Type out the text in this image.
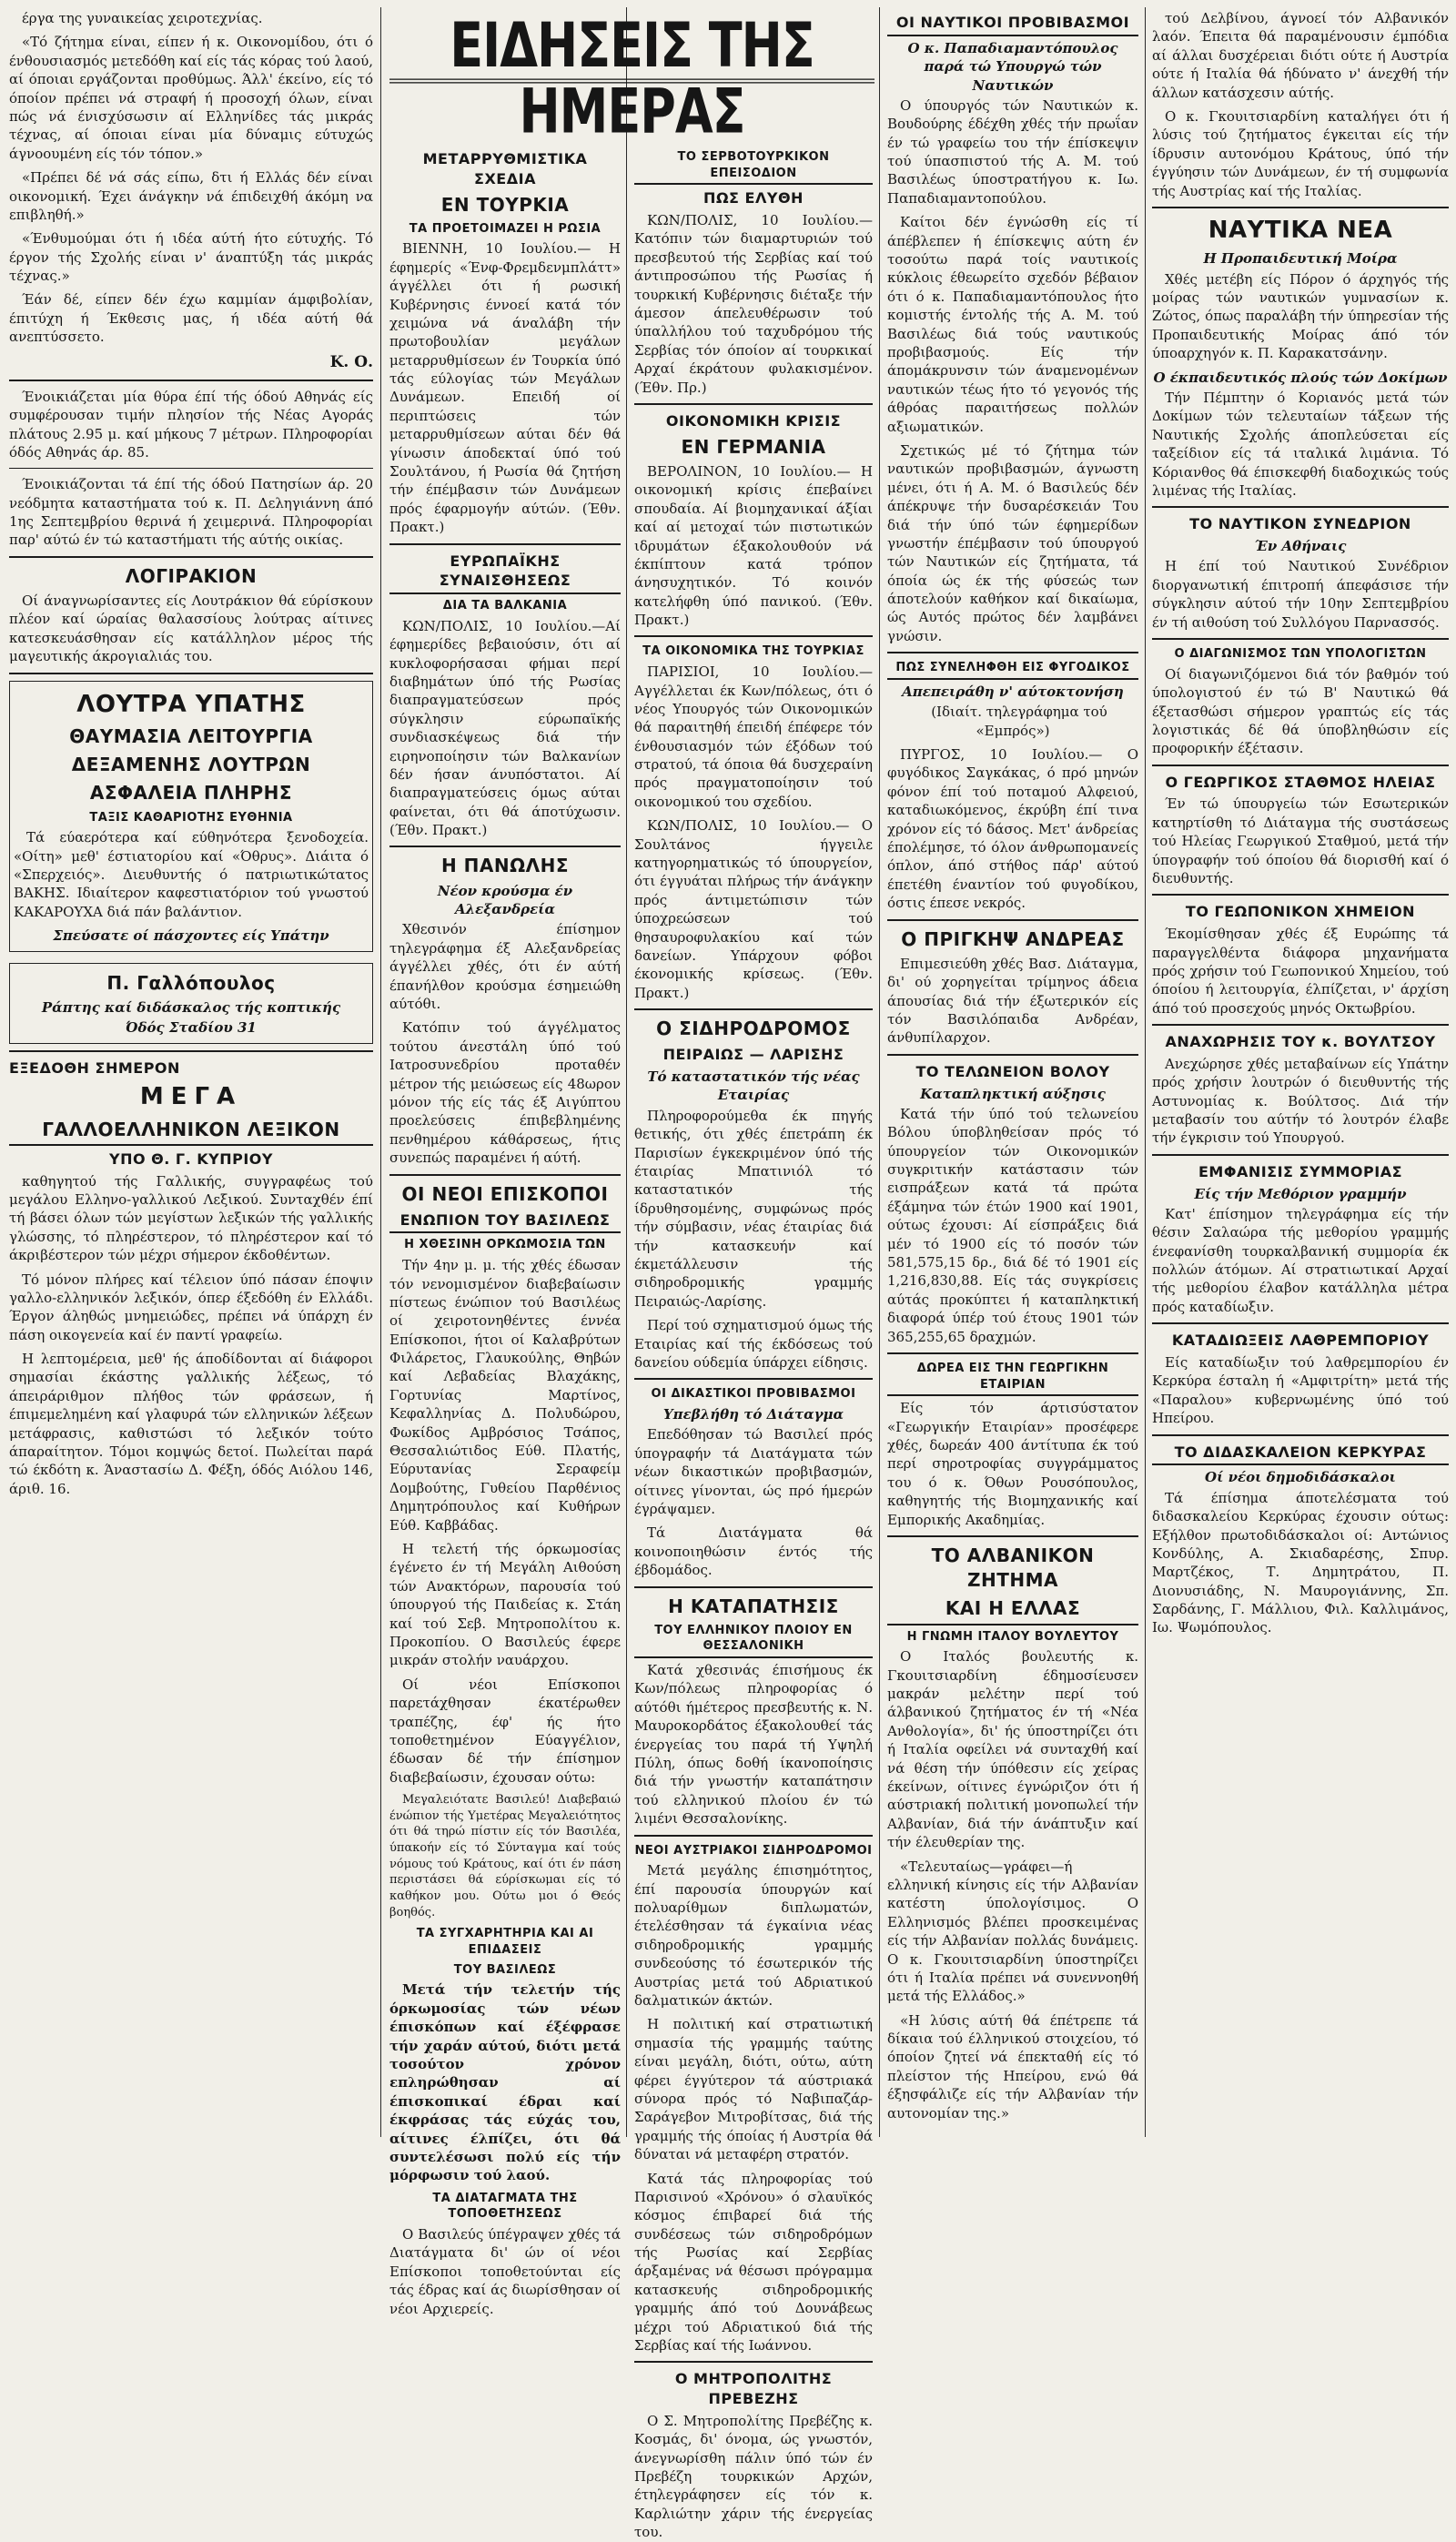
ΕΙΔΗΣΕΙΣ ΤΗΣ ΗΜΕΡΑΣ

έργα της γυναικείας χειροτεχνίας.

«Τό ζήτημα είναι, είπεν ή κ. Οικονομίδου, ότι ό ένθουσιασμός μετεδόθη καί είς τάς κόρας τού λαού, αί όποιαι εργάζονται προθύμως. Άλλ' έκείνο, είς τό όποίον πρέπει νά στραφή ή προσοχή όλων, είναι πώς νά ένισχύσωσιν αί Ελληνίδες τάς μικράς τέχνας, αί όποιαι είναι μία δύναμις εύτυχώς άγνοουμένη είς τόν τόπον.»

«Πρέπει δέ νά σάς είπω, δτι ή Ελλάς δέν είναι οικονομική. Έχει άνάγκην νά έπιδειχθή άκόμη να επιβληθή.»

«Ένθυμούμαι ότι ή ιδέα αύτή ήτο εύτυχής. Τό έργον τής Σχολής είναι ν' άναπτύξη τάς μικράς τέχνας.»

Έάν δέ, είπεν δέν έχω καμμίαν άμφιβολίαν, έπιτύχη ή Έκθεσις μας, ή ιδέα αύτή θά ανεπτύσσετο.

Κ. Ο.

Ένοικιάζεται μία θύρα έπί τής όδού Αθηνάς είς συμφέρουσαν τιμήν πλησίον τής Νέας Αγοράς πλάτους 2.95 μ. καί μήκους 7 μέτρων. Πληροφορίαι όδός Αθηνάς άρ. 85.

Ένοικιάζονται τά έπί τής όδού Πατησίων άρ. 20 νεόδμητα καταστήματα τού κ. Π. Δεληγιάννη άπό 1ης Σεπτεμβρίου θερινά ή χειμερινά. Πληροφορίαι παρ' αύτώ έν τώ καταστήματι τής αύτής οικίας.

ΛΟΓΙΡΑΚΙΟΝ

Οί άναγνωρίσαντες είς Λουτράκιον θά εύρίσκουν πλέον καί ώραίας θαλασσίους λούτρας αίτινες κατεσκευάσθησαν είς κατάλληλον μέρος τής μαγευτικής άκρογιαλιάς του.

ΛΟΥΤΡΑ ΥΠΑΤΗΣ
ΘΑΥΜΑΣΙΑ ΛΕΙΤΟΥΡΓΙΑ
ΔΕΞΑΜΕΝΗΣ ΛΟΥΤΡΩΝ
ΑΣΦΑΛΕΙΑ ΠΛΗΡΗΣ
ΤΑΞΙΣ ΚΑΘΑΡΙΟΤΗΣ ΕΥΘΗΝΙΑ

Τά εύαερότερα καί εύθηνότερα ξενοδοχεία. «Οίτη» μεθ' έστιατορίου καί «Όθρυς». Διάιτα ό «Σπερχειός». Διευθυντής ό πατριωτικώτατος ΒΑΚΗΣ. Ιδιαίτερον καφεστιατόριον τού γνωστού ΚΑΚΑΡΟΥΧΑ διά πάν βαλάντιον.

Σπεύσατε οί πάσχοντες είς Υπάτην
Π. Γαλλόπουλος
Ράπτης καί διδάσκαλος τής κοπτικής
Όδός Σταδίου 31
ΕΞΕΔΟΘΗ ΣΗΜΕΡΟΝ
ΜΕΓΑ
ΓΑΛΛΟΕΛΛΗΝΙΚΟΝ ΛΕΞΙΚΟΝ
ΥΠΟ Θ. Γ. ΚΥΠΡΙΟΥ

καθηγητού τής Γαλλικής, συγγραφέως τού μεγάλου Ελληνο-γαλλικού Λεξικού. Συνταχθέν έπί τή βάσει όλων τών μεγίστων λεξικών τής γαλλικής γλώσσης, τό πληρέστερον, τό πληρέστερον καί τό άκριβέστερον τών μέχρι σήμερον έκδοθέντων.

Τό μόνον πλήρες καί τέλειον ύπό πάσαν έποψιν γαλλο-ελληνικόν λεξικόν, όπερ έξεδόθη έν Ελλάδι. Έργον άληθώς μνημειώδες, πρέπει νά ύπάρχη έν πάση οικογενεία καί έν παντί γραφείω.

Η λεπτομέρεια, μεθ' ής άποδίδονται αί διάφοροι σημασίαι έκάστης γαλλικής λέξεως, τό άπειράριθμον πλήθος τών φράσεων, ή έπιμεμελημένη καί γλαφυρά τών ελληνικών λέξεων μετάφρασις, καθιστώσι τό λεξικόν τούτο άπαραίτητον. Τόμοι κομψώς δετοί. Πωλείται παρά τώ έκδότη κ. Άναστασίω Δ. Φέξη, όδός Αιόλου 146, άριθ. 16.

ΜΕΤΑΡΡΥΘΜΙΣΤΙΚΑ ΣΧΕΔΙΑ
ΕΝ ΤΟΥΡΚΙΑ
ΤΑ ΠΡΟΕΤΟΙΜΑΖΕΙ Η ΡΩΣΙΑ

ΒΙΕΝΝΗ, 10 Ιουλίου.— Η έφημερίς «Ένφ-Φρεμδενμπλάττ» άγγέλλει ότι ή ρωσική Κυβέρνησις έννοεί κατά τόν χειμώνα νά άναλάβη τήν πρωτοβουλίαν μεγάλων μεταρρυθμίσεων έν Τουρκία ύπό τάς εύλογίας τών Μεγάλων Δυνάμεων. Επειδή οί περιπτώσεις τών μεταρρυθμίσεων αύται δέν θά γίνωσιν άποδεκταί ύπό τού Σουλτάνου, ή Ρωσία θά ζητήση τήν έπέμβασιν τών Δυνάμεων πρός έφαρμογήν αύτών. (Έθν. Πρακτ.)

ΕΥΡΩΠΑΪΚΗΣ ΣΥΝΑΙΣΘΗΣΕΩΣ
ΔΙΑ ΤΑ ΒΑΛΚΑΝΙΑ

ΚΩΝ/ΠΟΛΙΣ, 10 Ιουλίου.—Αί έφημερίδες βεβαιούσιν, ότι αί κυκλοφορήσασαι φήμαι περί διαβημάτων ύπό τής Ρωσίας διαπραγματεύσεων πρός σύγκλησιν εύρωπαϊκής συνδιασκέψεως διά τήν ειρηνοποίησιν τών Βαλκανίων δέν ήσαν άνυπόστατοι. Αί διαπραγματεύσεις όμως αύται φαίνεται, ότι θά άποτύχωσιν. (Έθν. Πρακτ.)

Η ΠΑΝΩΛΗΣ
Νέον κρούσμα έν Αλεξανδρεία

Χθεσινόν έπίσημον τηλεγράφημα έξ Αλεξανδρείας άγγέλλει χθές, ότι έν αύτή έπανήλθον κρούσμα έσημειώθη αύτόθι.

Κατόπιν τού άγγέλματος τούτου άνεστάλη ύπό τού Ιατροσυνεδρίου προταθέν μέτρον τής μειώσεως είς 48ωρον μόνον τής είς τάς έξ Αιγύπτου προελεύσεις έπιβεβλημένης πενθημέρου κάθάρσεως, ήτις συνεπώς παραμένει ή αύτή.

ΟΙ ΝΕΟΙ ΕΠΙΣΚΟΠΟΙ
ΕΝΩΠΙΟΝ ΤΟΥ ΒΑΣΙΛΕΩΣ
Η ΧΘΕΣΙΝΗ ΟΡΚΩΜΟΣΙΑ ΤΩΝ

Τήν 4ην μ. μ. τής χθές έδωσαν τόν νενομισμένον διαβεβαίωσιν πίστεως ένώπιον τού Βασιλέως οί χειροτονηθέντες έννέα Επίσκοποι, ήτοι οί Καλαβρύτων Φιλάρετος, Γλαυκούλης, Θηβών καί Λεβαδείας Βλαχάκης, Γορτυνίας Μαρτίνος, Κεφαλληνίας Δ. Πολυδώρου, Φωκίδος Αμβρόσιος Τσάπος, Θεσσαλιώτιδος Εύθ. Πλατής, Εύρυτανίας Σεραφείμ Δομβούτης, Γυθείου Παρθένιος Δημητρόπουλος καί Κυθήρων Εύθ. Καββάδας.

Η τελετή τής όρκωμοσίας έγένετο έν τή Μεγάλη Αιθούση τών Ανακτόρων, παρουσία τού ύπουργού τής Παιδείας κ. Στάη καί τού Σεβ. Μητροπολίτου κ. Προκοπίου. Ο Βασιλεύς έφερε μικράν στολήν ναυάρχου.

Οί νέοι Επίσκοποι παρετάχθησαν έκατέρωθεν τραπέζης, έφ' ής ήτο τοποθετημένον Εύαγγέλιον, έδωσαν δέ τήν έπίσημον διαβεβαίωσιν, έχουσαν ούτω:

Μεγαλειότατε Βασιλεύ! Διαβεβαιώ ένώπιον τής Υμετέρας Μεγαλειότητος ότι θά τηρώ πίστιν είς τόν Βασιλέα, ύπακοήν είς τό Σύνταγμα καί τούς νόμους τού Κράτους, καί ότι έν πάση περιστάσει θά εύρίσκωμαι είς τό καθήκον μου. Ούτω μοι ό Θεός βοηθός.

ΤΑ ΣΥΓΧΑΡΗΤΗΡΙΑ ΚΑΙ ΑΙ ΕΠΙΔΑΣΕΙΣ
ΤΟΥ ΒΑΣΙΛΕΩΣ

Μετά τήν τελετήν τής όρκωμοσίας τών νέων έπισκόπων καί έξέφρασε τήν χαράν αύτού, διότι μετά τοσούτον χρόνον επληρώθησαν αί έπισκοπικαί έδραι καί έκφράσας τάς εύχάς του, αίτινες έλπίζει, ότι θά συντελέσωσι πολύ είς τήν μόρφωσιν τού λαού.

ΤΑ ΔΙΑΤΑΓΜΑΤΑ ΤΗΣ ΤΟΠΟΘΕΤΗΣΕΩΣ

Ο Βασιλεύς ύπέγραψεν χθές τά Διατάγματα δι' ών οί νέοι Επίσκοποι τοποθετούνται είς τάς έδρας καί άς διωρίσθησαν οί νέοι Αρχιερείς.

ΤΟ ΣΕΡΒΟΤΟΥΡΚΙΚΟΝ ΕΠΕΙΣΟΔΙΟΝ
ΠΩΣ ΕΛΥΘΗ

ΚΩΝ/ΠΟΛΙΣ, 10 Ιουλίου.— Κατόπιν τών διαμαρτυριών τού πρεσβευτού τής Σερβίας καί τού άντιπροσώπου τής Ρωσίας ή τουρκική Κυβέρνησις διέταξε τήν άμεσον άπελευθέρωσιν τού ύπαλλήλου τού ταχυδρόμου τής Σερβίας τόν όποίον αί τουρκικαί Αρχαί έκράτουν φυλακισμένον. (Έθν. Πρ.)

ΟΙΚΟΝΟΜΙΚΗ ΚΡΙΣΙΣ
ΕΝ ΓΕΡΜΑΝΙΑ

ΒΕΡΟΛΙΝΟΝ, 10 Ιουλίου.— Η οικονομική κρίσις έπεβαίνει σπουδαία. Αί βιομηχανικαί άξίαι καί αί μετοχαί τών πιστωτικών ιδρυμάτων έξακολουθούν νά έκπίπτουν κατά τρόπον άνησυχητικόν. Τό κοινόν κατελήφθη ύπό πανικού. (Έθν. Πρακτ.)

ΤΑ ΟΙΚΟΝΟΜΙΚΑ ΤΗΣ ΤΟΥΡΚΙΑΣ

ΠΑΡΙΣΙΟΙ, 10 Ιουλίου.—Αγγέλλεται έκ Κων/πόλεως, ότι ό νέος Υπουργός τών Οικονομικών θά παραιτηθή έπειδή έπέφερε τόν ένθουσιασμόν τών έξόδων τού στρατού, τά όποια θά δυσχεραίνη πρός πραγματοποίησιν τού οικονομικού του σχεδίου.

ΚΩΝ/ΠΟΛΙΣ, 10 Ιουλίου.— Ο Σουλτάνος ήγγειλε κατηγορηματικώς τό ύπουργείον, ότι έγγυάται πλήρως τήν άνάγκην πρός άντιμετώπισιν τών ύποχρεώσεων τού θησαυροφυλακίου καί τών δανείων. Υπάρχουν φόβοι έκονομικής κρίσεως. (Έθν. Πρακτ.)

Ο ΣΙΔΗΡΟΔΡΟΜΟΣ
ΠΕΙΡΑΙΩΣ — ΛΑΡΙΣΗΣ
Τό καταστατικόν τής νέας Εταιρίας

Πληροφορούμεθα έκ πηγής θετικής, ότι χθές έπετράπη έκ Παρισίων έγκεκριμένον ύπό τής έταιρίας Μπατινιόλ τό καταστατικόν τής ίδρυθησομένης, συμφώνως πρός τήν σύμβασιν, νέας έταιρίας διά τήν κατασκευήν καί έκμετάλλευσιν τής σιδηροδρομικής γραμμής Πειραιώς-Λαρίσης.

Περί τού σχηματισμού όμως τής Εταιρίας καί τής έκδόσεως τού δανείου ούδεμία ύπάρχει είδησις.

ΟΙ ΔΙΚΑΣΤΙΚΟΙ ΠΡΟΒΙΒΑΣΜΟΙ
Υπεβλήθη τό Διάταγμα

Επεδόθησαν τώ Βασιλεί πρός ύπογραφήν τά Διατάγματα τών νέων δικαστικών προβιβασμών, οίτινες γίνονται, ώς πρό ήμερών έγράψαμεν.

Τά Διατάγματα θά κοινοποιηθώσιν έντός τής έβδομάδος.

Η ΚΑΤΑΠΑΤΗΣΙΣ
ΤΟΥ ΕΛΛΗΝΙΚΟΥ ΠΛΟΙΟΥ ΕΝ ΘΕΣΣΑΛΟΝΙΚΗ

Κατά χθεσινάς έπισήμους έκ Κων/πόλεως πληροφορίας ό αύτόθι ήμέτερος πρεσβευτής κ. Ν. Μαυροκορδάτος έξακολουθεί τάς ένεργείας του παρά τή Υψηλή Πύλη, όπως δοθή ίκανοποίησις διά τήν γνωστήν καταπάτησιν τού ελληνικού πλοίου έν τώ λιμένι Θεσσαλονίκης.

ΝΕΟΙ ΑΥΣΤΡΙΑΚΟΙ ΣΙΔΗΡΟΔΡΟΜΟΙ

Μετά μεγάλης έπισημότητος, έπί παρουσία ύπουργών καί πολυαρίθμων διπλωματών, έτελέσθησαν τά έγκαίνια νέας σιδηροδρομικής γραμμής συνδεούσης τό έσωτερικόν τής Αυστρίας μετά τού Αδριατικού δαλματικών άκτών.

Η πολιτική καί στρατιωτική σημασία τής γραμμής ταύτης είναι μεγάλη, διότι, ούτω, αύτη φέρει έγγύτερον τά αύστριακά σύνορα πρός τό Ναβιπαζάρ-Σαράγεβον Μιτροβίτσας, διά τής γραμμής τής όποίας ή Αυστρία θά δύναται νά μεταφέρη στρατόν.

Κατά τάς πληροφορίας τού Παρισινού «Χρόνου» ό σλαυϊκός κόσμος έπιβαρεί διά τής συνδέσεως τών σιδηροδρόμων τής Ρωσίας καί Σερβίας άρξαμένας νά θέσωσι πρόγραμμα κατασκευής σιδηροδρομικής γραμμής άπό τού Δουνάβεως μέχρι τού Αδριατικού διά τής Σερβίας καί τής Ιωάννου.

Ο ΜΗΤΡΟΠΟΛΙΤΗΣ ΠΡΕΒΕΖΗΣ

Ο Σ. Μητροπολίτης Πρεβέζης κ. Κοσμάς, δι' όνομα, ώς γνωστόν, άνεγνωρίσθη πάλιν ύπό τών έν Πρεβέζη τουρκικών Αρχών, έτηλεγράφησεν είς τόν κ. Καρλιώτην χάριν τής ένεργείας του.

ΟΙ ΝΑΥΤΙΚΟΙ ΠΡΟΒΙΒΑΣΜΟΙ
Ο κ. Παπαδιαμαντόπουλος παρά τώ Υπουργώ τών Ναυτικών

Ο ύπουργός τών Ναυτικών κ. Βουδούρης έδέχθη χθές τήν πρωΐαν έν τώ γραφείω του τήν έπίσκεψιν τού ύπασπιστού τής Α. Μ. τού Βασιλέως ύποστρατήγου κ. Ιω. Παπαδιαμαντοπούλου.

Καίτοι δέν έγνώσθη είς τί άπέβλεπεν ή έπίσκεψις αύτη έν τοσούτω παρά τοίς ναυτικοίς κύκλοις έθεωρείτο σχεδόν βέβαιον ότι ό κ. Παπαδιαμαντόπουλος ήτο κομιστής έντολής τής Α. Μ. τού Βασιλέως διά τούς ναυτικούς προβιβασμούς. Είς τήν άπομάκρυνσιν τών άναμενομένων ναυτικών τέως ήτο τό γεγονός τής άθρόας παραιτήσεως πολλών αξιωματικών.

Σχετικώς μέ τό ζήτημα τών ναυτικών προβιβασμών, άγνωστη μένει, ότι ή Α. Μ. ό Βασιλεύς δέν άπέκρυψε τήν δυσαρέσκειάν Του διά τήν ύπό τών έφημερίδων γνωστήν έπέμβασιν τού ύπουργού τών Ναυτικών είς ζητήματα, τά όποία ώς έκ τής φύσεώς των άποτελούν καθήκον καί δικαίωμα, ώς Αυτός πρώτος δέν λαμβάνει γνώσιν.

ΠΩΣ ΣΥΝΕΛΗΦΘΗ ΕΙΣ ΦΥΓΟΔΙΚΟΣ
Απεπειράθη ν' αύτοκτονήση

(Ιδιαίτ. τηλεγράφημα τού «Εμπρός»)

ΠΥΡΓΟΣ, 10 Ιουλίου.— Ο φυγόδικος Σαγκάκας, ό πρό μηνών φόνον έπί τού ποταμού Αλφειού, καταδιωκόμενος, έκρύβη έπί τινα χρόνον είς τό δάσος. Μετ' άνδρείας έπολέμησε, τό όλον άνθρωπομανείς όπλον, άπό στήθος πάρ' αύτού έπετέθη έναντίον τού φυγοδίκου, όστις έπεσε νεκρός.

Ο ΠΡΙΓΚΗΨ ΑΝΔΡΕΑΣ

Επιμεσιεύθη χθές Βασ. Διάταγμα, δι' ού χορηγείται τρίμηνος άδεια άπουσίας διά τήν έξωτερικόν είς τόν Βασιλόπαιδα Ανδρέαν, άνθυπίλαρχον.

ΤΟ ΤΕΛΩΝΕΙΟΝ ΒΟΛΟΥ
Καταπληκτική αύξησις

Κατά τήν ύπό τού τελωνείου Βόλου ύποβληθείσαν πρός τό ύπουργείον τών Οικονομικών συγκριτικήν κατάστασιν τών εισπράξεων κατά τά πρώτα έξάμηνα τών έτών 1900 καί 1901, ούτως έχουσι: Αί είσπράξεις διά μέν τό 1900 είς τό ποσόν τών 581,575,15 δρ., διά δέ τό 1901 είς 1,216,830,88. Είς τάς συγκρίσεις αύτάς προκύπτει ή καταπληκτική διαφορά ύπέρ τού έτους 1901 τών 365,255,65 δραχμών.

ΔΩΡΕΑ ΕΙΣ ΤΗΝ ΓΕΩΡΓΙΚΗΝ ΕΤΑΙΡΙΑΝ

Είς τόν άρτισύστατον «Γεωργικήν Εταιρίαν» προσέφερε χθές, δωρεάν 400 άντίτυπα έκ τού περί σηροτροφίας συγγράμματος του ό κ. Όθων Ρουσόπουλος, καθηγητής τής Βιομηχανικής καί Εμπορικής Ακαδημίας.

ΤΟ ΑΛΒΑΝΙΚΟΝ ΖΗΤΗΜΑ
ΚΑΙ Η ΕΛΛΑΣ
Η ΓΝΩΜΗ ΙΤΑΛΟΥ ΒΟΥΛΕΥΤΟΥ

Ο Ιταλός βουλευτής κ. Γκουιτσιαρδίνη έδημοσίευσεν μακράν μελέτην περί τού άλβανικού ζητήματος έν τή «Νέα Ανθολογία», δι' ής ύποστηρίζει ότι ή Ιταλία οφείλει νά συνταχθή καί νά θέση τήν ύπόθεσιν είς χείρας έκείνων, οίτινες έγνώριζον ότι ή αύστριακή πολιτική μονοπωλεί τήν Αλβανίαν, διά τήν άνάπτυξιν καί τήν έλευθερίαν της.

«Τελευταίως—γράφει—ή ελληνική κίνησις είς τήν Αλβανίαν κατέστη ύπολογίσιμος. Ο Ελληνισμός βλέπει προσκειμένας είς τήν Αλβανίαν πολλάς δυνάμεις. Ο κ. Γκουιτσιαρδίνη ύποστηρίζει ότι ή Ιταλία πρέπει νά συνεννοηθή μετά τής Ελλάδος.»

«Η λύσις αύτή θά έπέτρεπε τά δίκαια τού έλληνικού στοιχείου, τό όποίον ζητεί νά έπεκταθή είς τό πλείστον τής Ηπείρου, ενώ θά έξησφάλιζε είς τήν Αλβανίαν τήν αυτονομίαν της.»

τού Δελβίνου, άγνοεί τόν Αλβανικόν λαόν. Έπειτα θά παραμένουσιν έμπόδια αί άλλαι δυσχέρειαι διότι ούτε ή Αυστρία ούτε ή Ιταλία θά ήδύνατο ν' άνεχθή τήν άλλων κατάσχεσιν αύτής.

Ο κ. Γκουιτσιαρδίνη καταλήγει ότι ή λύσις τού ζητήματος έγκειται είς τήν ίδρυσιν αυτονόμου Κράτους, ύπό τήν έγγύησιν τών Δυνάμεων, έν τή συμφωνία τής Αυστρίας καί τής Ιταλίας.

ΝΑΥΤΙΚΑ ΝΕΑ
Η Προπαιδευτική Μοίρα

Χθές μετέβη είς Πόρον ό άρχηγός τής μοίρας τών ναυτικών γυμνασίων κ. Ζώτος, όπως παραλάβη τήν ύπηρεσίαν τής Προπαιδευτικής Μοίρας άπό τόν ύποαρχηγόν κ. Π. Καρακατσάνην.

Ο έκπαιδευτικός πλούς τών Δοκίμων

Τήν Πέμπτην ό Κοριανός μετά τών Δοκίμων τών τελευταίων τάξεων τής Ναυτικής Σχολής άποπλεύσεται είς ταξείδιον είς τά ιταλικά λιμάνια. Τό Κόριανθος θά έπισκεφθή διαδοχικώς τούς λιμένας τής Ιταλίας.

ΤΟ ΝΑΥΤΙΚΟΝ ΣΥΝΕΔΡΙΟΝ
Έν Αθήναις

Η έπί τού Ναυτικού Συνέδριον διοργανωτική έπιτροπή άπεφάσισε τήν σύγκλησιν αύτού τήν 10ην Σεπτεμβρίου έν τή αιθούση τού Συλλόγου Παρνασσός.

Ο ΔΙΑΓΩΝΙΣΜΟΣ ΤΩΝ ΥΠΟΛΟΓΙΣΤΩΝ

Οί διαγωνιζόμενοι διά τόν βαθμόν τού ύπολογιστού έν τώ Β' Ναυτικώ θά έξετασθώσι σήμερον γραπτώς είς τάς λογιστικάς δέ θά ύποβληθώσιν είς προφορικήν έξέτασιν.

Ο ΓΕΩΡΓΙΚΟΣ ΣΤΑΘΜΟΣ ΗΛΕΙΑΣ

Έν τώ ύπουργείω τών Εσωτερικών κατηρτίσθη τό Διάταγμα τής συστάσεως τού Ηλείας Γεωργικού Σταθμού, μετά τήν ύπογραφήν τού όποίου θά διορισθή καί ό διευθυντής.

ΤΟ ΓΕΩΠΟΝΙΚΟΝ ΧΗΜΕΙΟΝ

Έκομίσθησαν χθές έξ Ευρώπης τά παραγγελθέντα διάφορα μηχανήματα πρός χρήσιν τού Γεωπονικού Χημείου, τού όποίου ή λειτουργία, έλπίζεται, ν' άρχίση άπό τού προσεχούς μηνός Οκτωβρίου.

ΑΝΑΧΩΡΗΣΙΣ ΤΟΥ κ. ΒΟΥΛΤΣΟΥ

Ανεχώρησε χθές μεταβαίνων είς Υπάτην πρός χρήσιν λουτρών ό διευθυντής τής Αστυνομίας κ. Βούλτσος. Διά τήν μεταβασίν του αύτήν τό λουτρόν έλαβε τήν έγκρισιν τού Υπουργού.

ΕΜΦΑΝΙΣΙΣ ΣΥΜΜΟΡΙΑΣ
Είς τήν Μεθόριον γραμμήν

Κατ' έπίσημον τηλεγράφημα είς τήν θέσιν Σαλαώρα τής μεθορίου γραμμής ένεφανίσθη τουρκαλβανική συμμορία έκ πολλών άτόμων. Αί στρατιωτικαί Αρχαί τής μεθορίου έλαβον κατάλληλα μέτρα πρός καταδίωξιν.

ΚΑΤΑΔΙΩΞΕΙΣ ΛΑΘΡΕΜΠΟΡΙΟΥ

Είς καταδίωξιν τού λαθρεμπορίου έν Κερκύρα έσταλη ή «Αμφιτρίτη» μετά τής «Παραλου» κυβερνωμένης ύπό τού Ηπείρου.

ΤΟ ΔΙΔΑΣΚΑΛΕΙΟΝ ΚΕΡΚΥΡΑΣ
Οί νέοι δημοδιδάσκαλοι

Τά έπίσημα άποτελέσματα τού διδασκαλείου Κερκύρας έχουσιν ούτως: Εξήλθον πρωτοδιδάσκαλοι οί: Αντώνιος Κονδύλης, Α. Σκιαδαρέσης, Σπυρ. Μαρτζέκος, Τ. Δημητράτου, Π. Διονυσιάδης, Ν. Μαυρογιάννης, Σπ. Σαρδάνης, Γ. Μάλλιου, Φιλ. Καλλιμάνος, Ιω. Ψωμόπουλος.
